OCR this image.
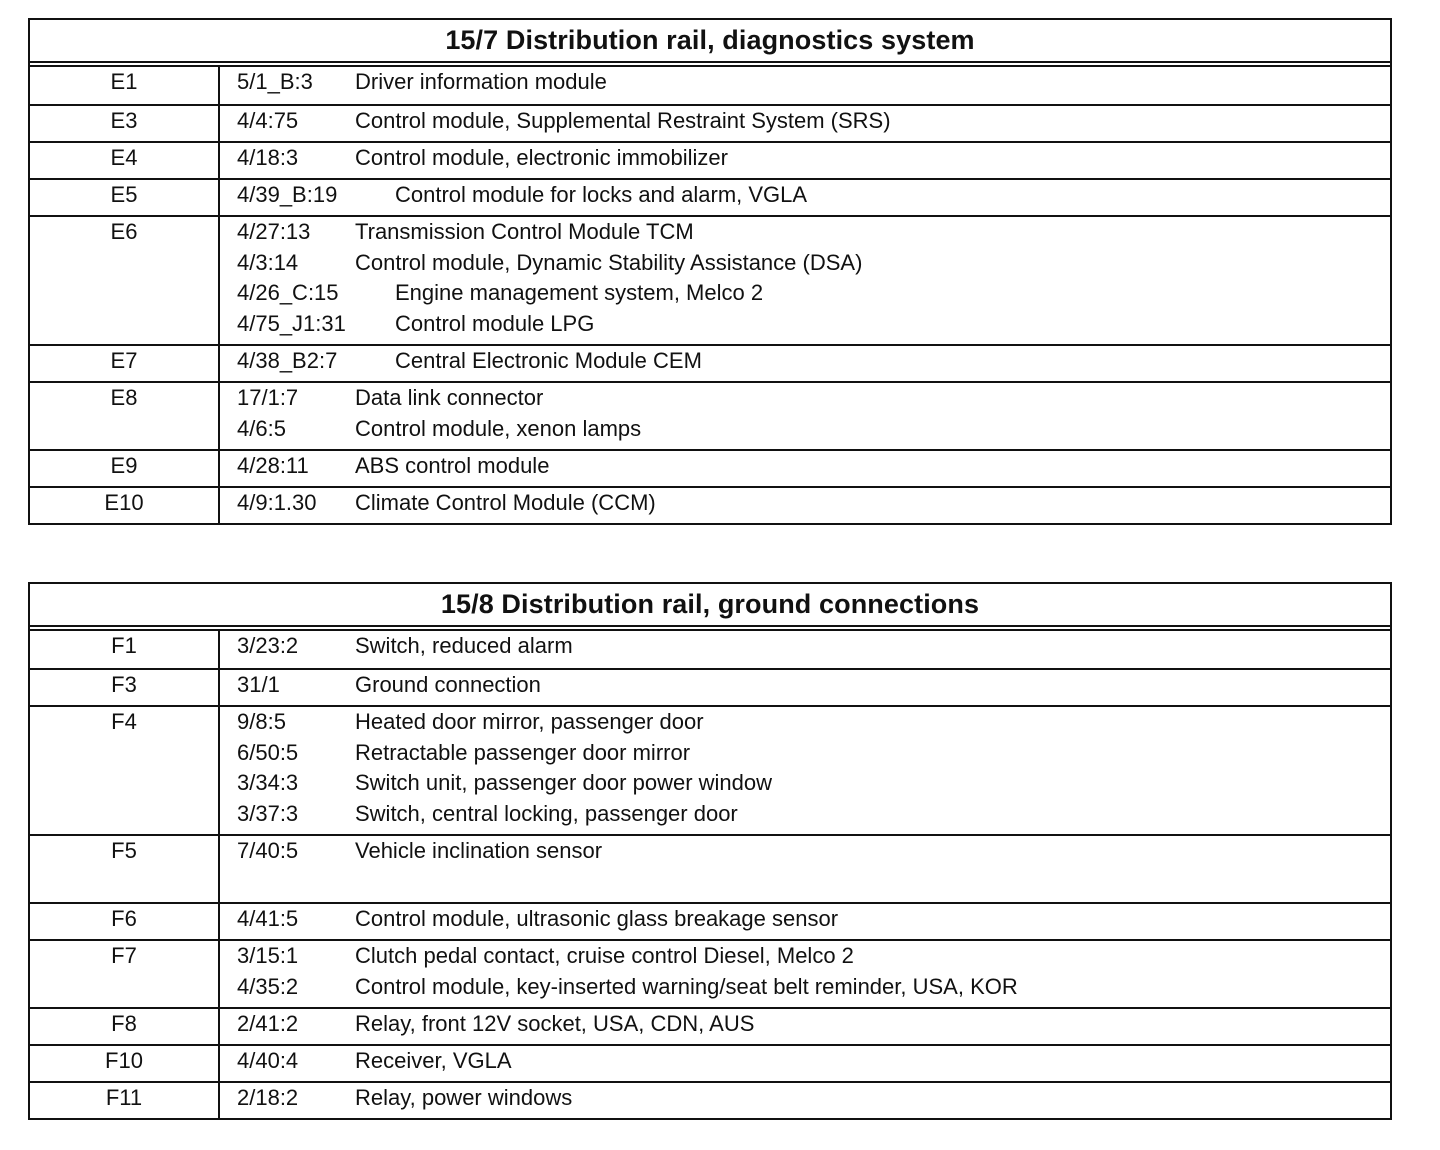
15/7 Distribution rail, diagnostics system
E1	5/1_B:3	Driver information module
E3	4/4:75	Control module, Supplemental Restraint System (SRS)
E4	4/18:3	Control module, electronic immobilizer
E5	4/39_B:19	Control module for locks and alarm, VGLA
E6	4/27:13	Transmission Control Module TCM
4/3:14	Control module, Dynamic Stability Assistance (DSA)
4/26_C:15	Engine management system, Melco 2
4/75_J1:31	Control module LPG
E7	4/38_B2:7	Central Electronic Module CEM
E8	17/1:7	Data link connector
4/6:5	Control module, xenon lamps
E9	4/28:11	ABS control module
E10	4/9:1.30	Climate Control Module (CCM)
15/8 Distribution rail, ground connections
F1	3/23:2	Switch, reduced alarm
F3	31/1	Ground connection
F4	9/8:5	Heated door mirror, passenger door
6/50:5	Retractable passenger door mirror
3/34:3	Switch unit, passenger door power window
3/37:3	Switch, central locking, passenger door
F5	7/40:5	Vehicle inclination sensor
F6	4/41:5	Control module, ultrasonic glass breakage sensor
F7	3/15:1	Clutch pedal contact, cruise control Diesel, Melco 2
4/35:2	Control module, key-inserted warning/seat belt reminder, USA, KOR
F8	2/41:2	Relay, front 12V socket, USA, CDN, AUS
F10	4/40:4	Receiver, VGLA
F11	2/18:2	Relay, power windows
